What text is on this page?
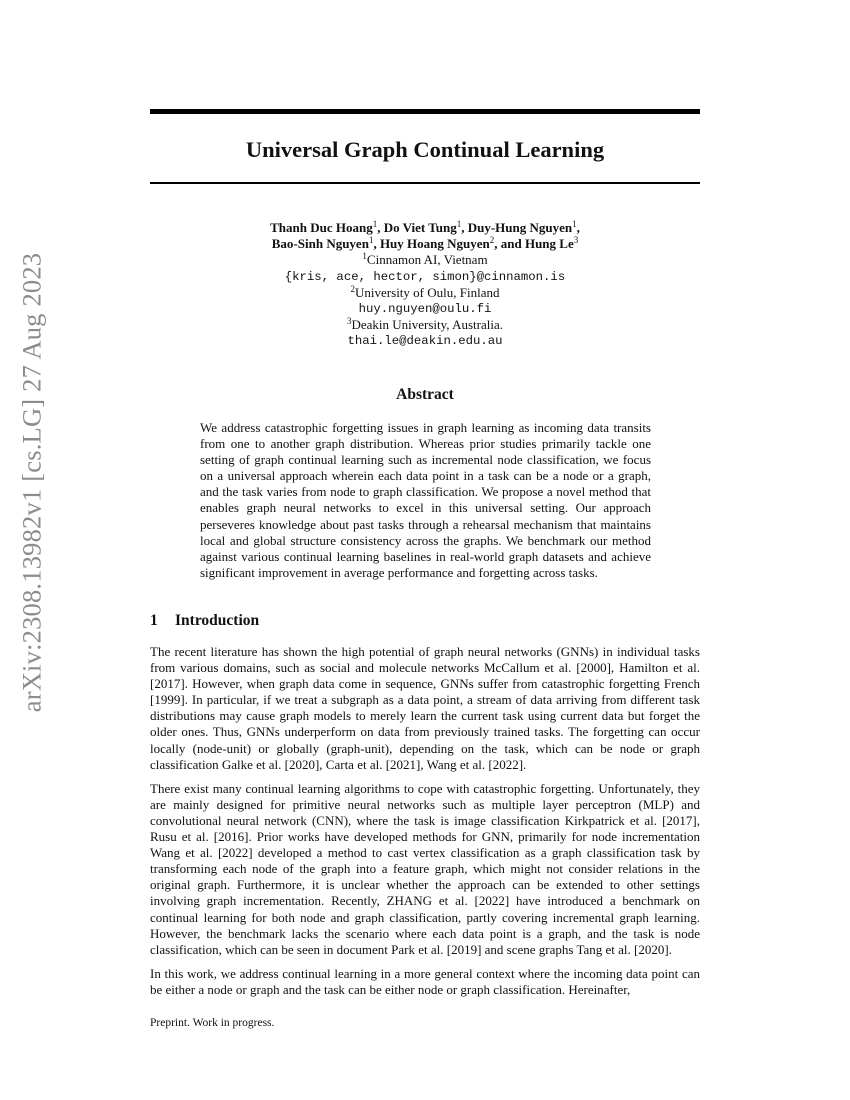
arXiv:2308.13982v1 [cs.LG] 27 Aug 2023
Universal Graph Continual Learning
Thanh Duc Hoang$^1$, Do Viet Tung$^1$, Duy-Hung Nguyen$^1$,
Bao-Sinh Nguyen$^1$, Huy Hoang Nguyen$^2$, and Hung Le$^3$
$^1$Cinnamon AI, Vietnam
{kris, ace, hector, simon}@cinnamon.is
$^2$University of Oulu, Finland
huy.nguyen@oulu.fi
$^3$Deakin University, Australia.
thai.le@deakin.edu.au
Abstract

We address catastrophic forgetting issues in graph learning as incoming data transits from one to another graph distribution. Whereas prior studies primarily tackle one setting of graph continual learning such as incremental node classification, we focus on a universal approach wherein each data point in a task can be a node or a graph, and the task varies from node to graph classification. We propose a novel method that enables graph neural networks to excel in this universal setting. Our approach perseveres knowledge about past tasks through a rehearsal mechanism that maintains local and global structure consistency across the graphs. We benchmark our method against various continual learning baselines in real-world graph datasets and achieve significant improvement in average performance and forgetting across tasks.

1 Introduction

The recent literature has shown the high potential of graph neural networks (GNNs) in individual tasks from various domains, such as social and molecule networks McCallum et al. [2000], Hamilton et al. [2017]. However, when graph data come in sequence, GNNs suffer from catastrophic forgetting French [1999]. In particular, if we treat a subgraph as a data point, a stream of data arriving from different task distributions may cause graph models to merely learn the current task using current data but forget the older ones. Thus, GNNs underperform on data from previously trained tasks. The forgetting can occur locally (node-unit) or globally (graph-unit), depending on the task, which can be node or graph classification Galke et al. [2020], Carta et al. [2021], Wang et al. [2022].

There exist many continual learning algorithms to cope with catastrophic forgetting. Unfortunately, they are mainly designed for primitive neural networks such as multiple layer perceptron (MLP) and convolutional neural network (CNN), where the task is image classification Kirkpatrick et al. [2017], Rusu et al. [2016]. Prior works have developed methods for GNN, primarily for node incrementation Wang et al. [2022] developed a method to cast vertex classification as a graph classification task by transforming each node of the graph into a feature graph, which might not consider relations in the original graph. Furthermore, it is unclear whether the approach can be extended to other settings involving graph incrementation. Recently, ZHANG et al. [2022] have introduced a benchmark on continual learning for both node and graph classification, partly covering incremental graph learning. However, the benchmark lacks the scenario where each data point is a graph, and the task is node classification, which can be seen in document Park et al. [2019] and scene graphs Tang et al. [2020].

In this work, we address continual learning in a more general context where the incoming data point can be either a node or graph and the task can be either node or graph classification. Hereinafter,

Preprint. Work in progress.
